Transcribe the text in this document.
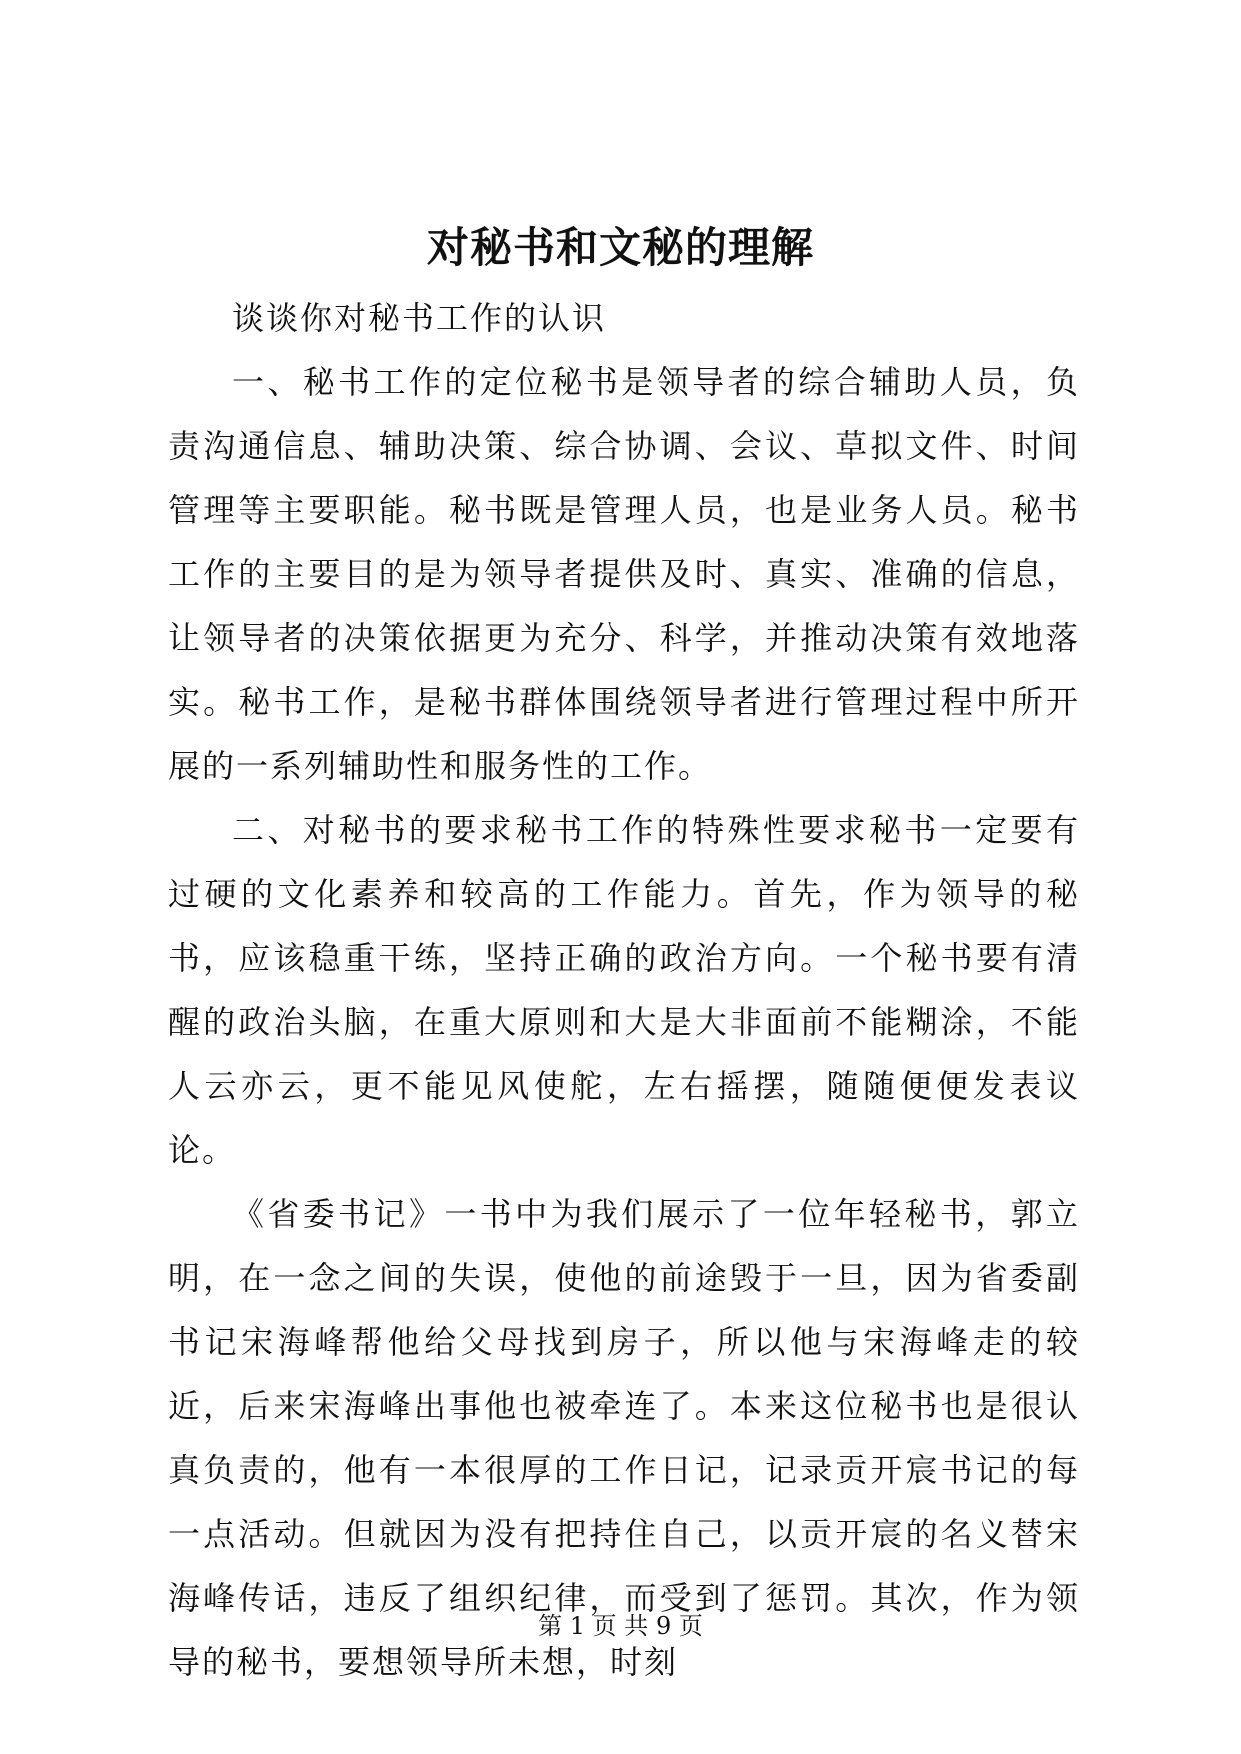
对秘书和文秘的理解

谈谈你对秘书工作的认识

一、秘书工作的定位秘书是领导者的综合辅助人员，负责沟通信息、辅助决策、综合协调、会议、草拟文件、时间管理等主要职能。秘书既是管理人员，也是业务人员。秘书工作的主要目的是为领导者提供及时、真实、准确的信息，让领导者的决策依据更为充分、科学，并推动决策有效地落实。秘书工作，是秘书群体围绕领导者进行管理过程中所开展的一系列辅助性和服务性的工作。

二、对秘书的要求秘书工作的特殊性要求秘书一定要有过硬的文化素养和较高的工作能力。首先，作为领导的秘书，应该稳重干练，坚持正确的政治方向。一个秘书要有清醒的政治头脑，在重大原则和大是大非面前不能糊涂，不能人云亦云，更不能见风使舵，左右摇摆，随随便便发表议论。

《省委书记》一书中为我们展示了一位年轻秘书，郭立明，在一念之间的失误，使他的前途毁于一旦，因为省委副书记宋海峰帮他给父母找到房子，所以他与宋海峰走的较近，后来宋海峰出事他也被牵连了。本来这位秘书也是很认真负责的，他有一本很厚的工作日记，记录贡开宸书记的每一点活动。但就因为没有把持住自己，以贡开宸的名义替宋海峰传话，违反了组织纪律，而受到了惩罚。其次，作为领导的秘书，要想领导所未想，时刻

第 1 页 共 9 页
